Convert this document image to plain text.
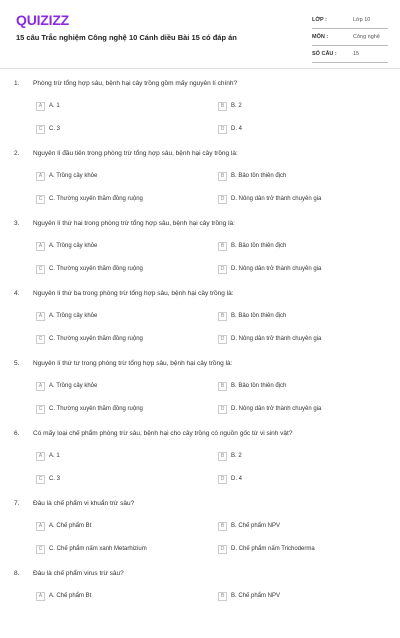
QUIZIZZ
15 câu Trắc nghiệm Công nghệ 10 Cánh diều Bài 15 có đáp án
LỚP :	Lớp 10
MÔN :	Công nghệ
SỐ CÂU :	15
1. Phòng trừ tổng hợp sâu, bệnh hại cây trồng gồm mấy nguyên lí chính?
A	A. 1	B	B. 2
C	C. 3	D	D. 4
2. Nguyên lí đầu tiên trong phòng trừ tổng hợp sâu, bệnh hại cây trồng là:
A	A. Trồng cây khỏe	B	B. Bảo tồn thiên địch
C	C. Thường xuyên thăm đồng ruộng	D	D. Nông dân trở thành chuyên gia
3. Nguyên lí thứ hai trong phòng trừ tổng hợp sâu, bệnh hại cây trồng là:
A	A. Trồng cây khỏe	B	B. Bảo tồn thiên địch
C	C. Thường xuyên thăm đồng ruộng	D	D. Nông dân trở thành chuyên gia
4. Nguyên lí thứ ba trong phòng trừ tổng hợp sâu, bệnh hại cây trồng là:
A	A. Trồng cây khỏe	B	B. Bảo tồn thiên địch
C	C. Thường xuyên thăm đồng ruộng	D	D. Nông dân trở thành chuyên gia
5. Nguyên lí thứ tư trong phòng trừ tổng hợp sâu, bệnh hại cây trồng là:
A	A. Trồng cây khỏe	B	B. Bảo tồn thiên địch
C	C. Thường xuyên thăm đồng ruộng	D	D. Nông dân trở thành chuyên gia
6. Có mấy loại chế phẩm phòng trừ sâu, bệnh hại cho cây trồng có nguồn gốc từ vi sinh vật?
A	A. 1	B	B. 2
C	C. 3	D	D. 4
7. Đâu là chế phẩm vi khuẩn trừ sâu?
A	A. Chế phẩm Bt	B	B. Chế phẩm NPV
C	C. Chế phẩm nấm xanh Metarhizium	D	D. Chế phẩm nấm Trichoderma
8. Đâu là chế phẩm virus trừ sâu?
A	A. Chế phẩm Bt	B	B. Chế phẩm NPV
